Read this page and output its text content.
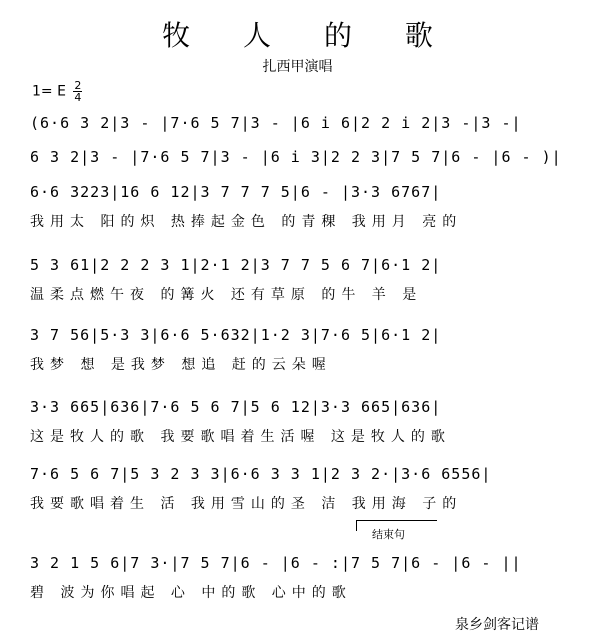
牧 人 的 歌
扎西甲演唱
1= E $\frac{2}{4}$
(6·6 3 2|3 - |7·6 5 7|3 - |6 i 6|2 2 i 2|3 -|3 -|
6 3 2|3 - |7·6 5 7|3 - |6 i 3|2 2 3|7 5 7|6 - |6 - )|
6·6 3223|16 6 12|3 7 7 7 5|6 - |3·3 6767|
我用太 阳的炽 热捧起金色 的青稞 我用月 亮的
5 3 61|2 2 2 3 1|2·1 2|3 7 7 5 6 7|6·1 2|
温柔点燃午夜 的篝火 还有草原 的牛 羊 是
3 7 56|5·3 3|6·6 5·632|1·2 3|7·6 5|6·1 2|
我梦 想 是我梦 想追 赶的云朵喔
3·3 665|636|7·6 5 6 7|5 6 12|3·3 665|636|
这是牧人的歌 我要歌唱着生活喔 这是牧人的歌
7·6 5 6 7|5 3 2 3 3|6·6 3 3 1|2 3 2·|3·6 6556|
我要歌唱着生 活 我用雪山的圣 洁 我用海 子的
结束句
3 2 1 5 6|7 3·|7 5 7|6 - |6 - :|7 5 7|6 - |6 - ||
碧 波为你唱起 心 中的歌 心中的歌
泉乡剑客记谱
